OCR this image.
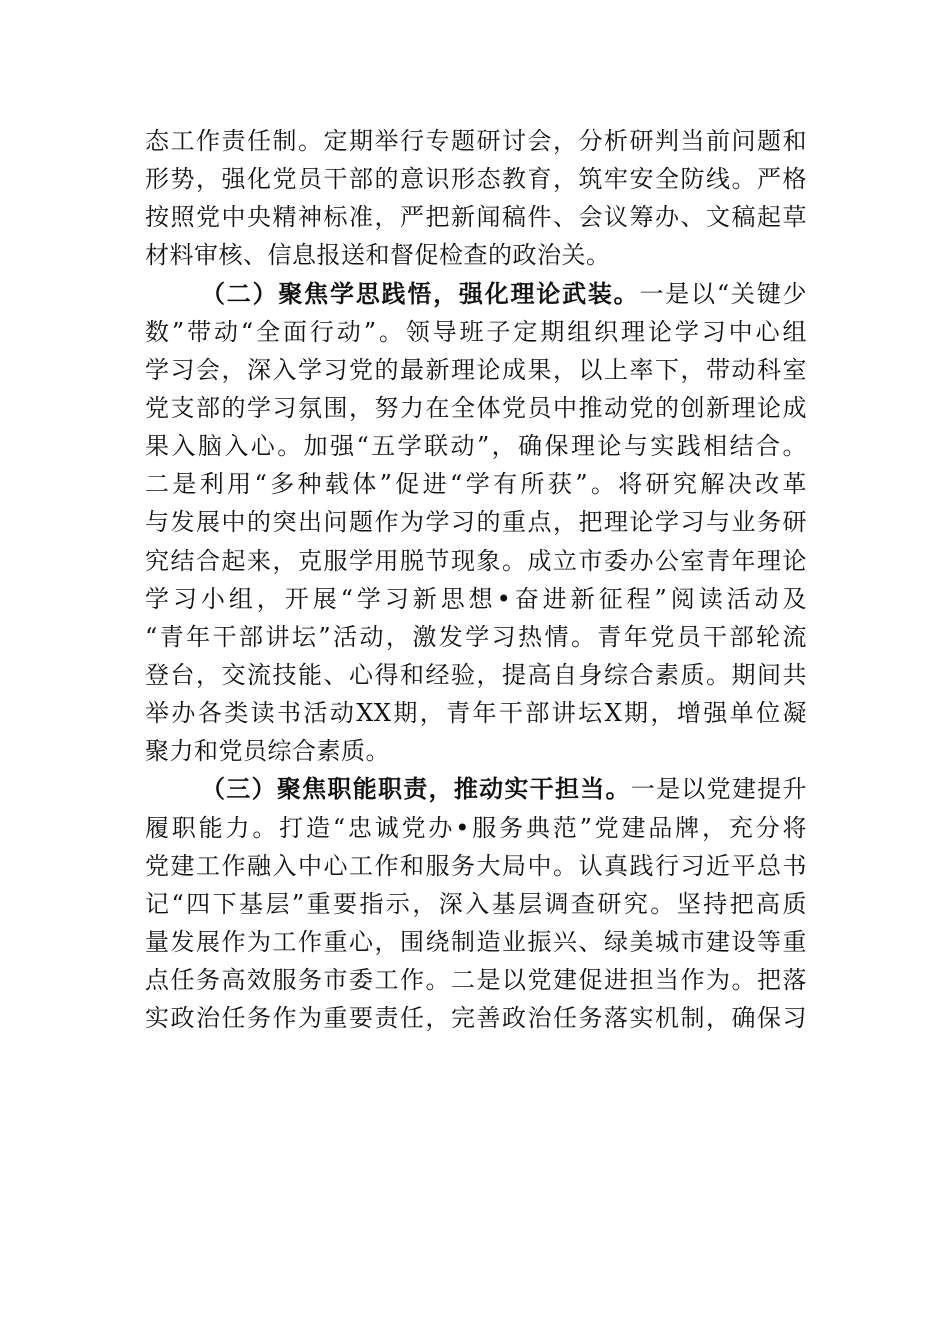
态工作责任制。定期举行专题研讨会，分析研判当前问题和
形势，强化党员干部的意识形态教育，筑牢安全防线。严格
按照党中央精神标准，严把新闻稿件、会议筹办、文稿起草
材料审核、信息报送和督促检查的政治关。
（二）聚焦学思践悟，强化理论武装。一是以“关键少
数”带动“全面行动”。领导班子定期组织理论学习中心组
学习会，深入学习党的最新理论成果，以上率下，带动科室
党支部的学习氛围，努力在全体党员中推动党的创新理论成
果入脑入心。加强“五学联动”，确保理论与实践相结合。
二是利用“多种载体”促进“学有所获”。将研究解决改革
与发展中的突出问题作为学习的重点，把理论学习与业务研
究结合起来，克服学用脱节现象。成立市委办公室青年理论
学习小组，开展“学习新思想•奋进新征程”阅读活动及
“青年干部讲坛”活动，激发学习热情。青年党员干部轮流
登台，交流技能、心得和经验，提高自身综合素质。期间共
举办各类读书活动XX期，青年干部讲坛X期，增强单位凝
聚力和党员综合素质。
（三）聚焦职能职责，推动实干担当。一是以党建提升
履职能力。打造“忠诚党办•服务典范”党建品牌，充分将
党建工作融入中心工作和服务大局中。认真践行习近平总书
记“四下基层”重要指示，深入基层调查研究。坚持把高质
量发展作为工作重心，围绕制造业振兴、绿美城市建设等重
点任务高效服务市委工作。二是以党建促进担当作为。把落
实政治任务作为重要责任，完善政治任务落实机制，确保习
